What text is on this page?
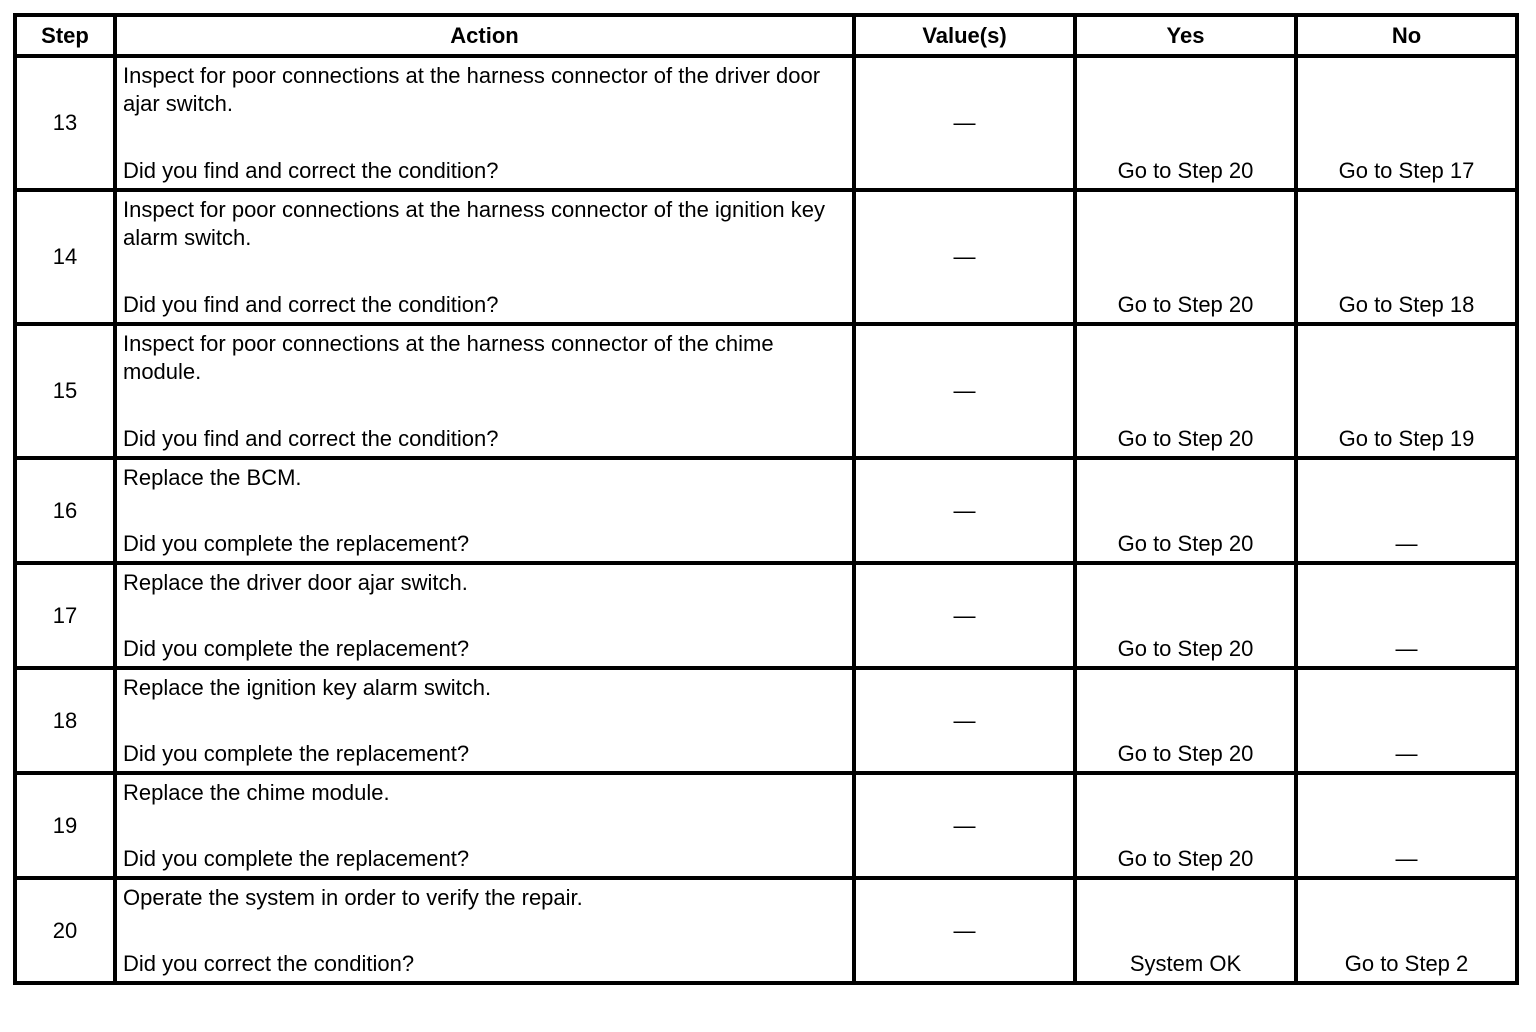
Step	Action	Value(s)	Yes	No
13	Inspect for poor connections at the harness connector of the driver door ajar switch.
Did you find and correct the condition?	—	Go to Step 20	Go to Step 17

14	Inspect for poor connections at the harness connector of the ignition key alarm switch.
Did you find and correct the condition?	—	Go to Step 20	Go to Step 18

15	Inspect for poor connections at the harness connector of the chime module.
Did you find and correct the condition?	—	Go to Step 20	Go to Step 19

16	Replace the BCM.
Did you complete the replacement?	—	Go to Step 20	—

17	Replace the driver door ajar switch.
Did you complete the replacement?	—	Go to Step 20	—

18	Replace the ignition key alarm switch.
Did you complete the replacement?	—	Go to Step 20	—

19	Replace the chime module.
Did you complete the replacement?	—	Go to Step 20	—

20	Operate the system in order to verify the repair.
Did you correct the condition?	—	System OK	Go to Step 2
